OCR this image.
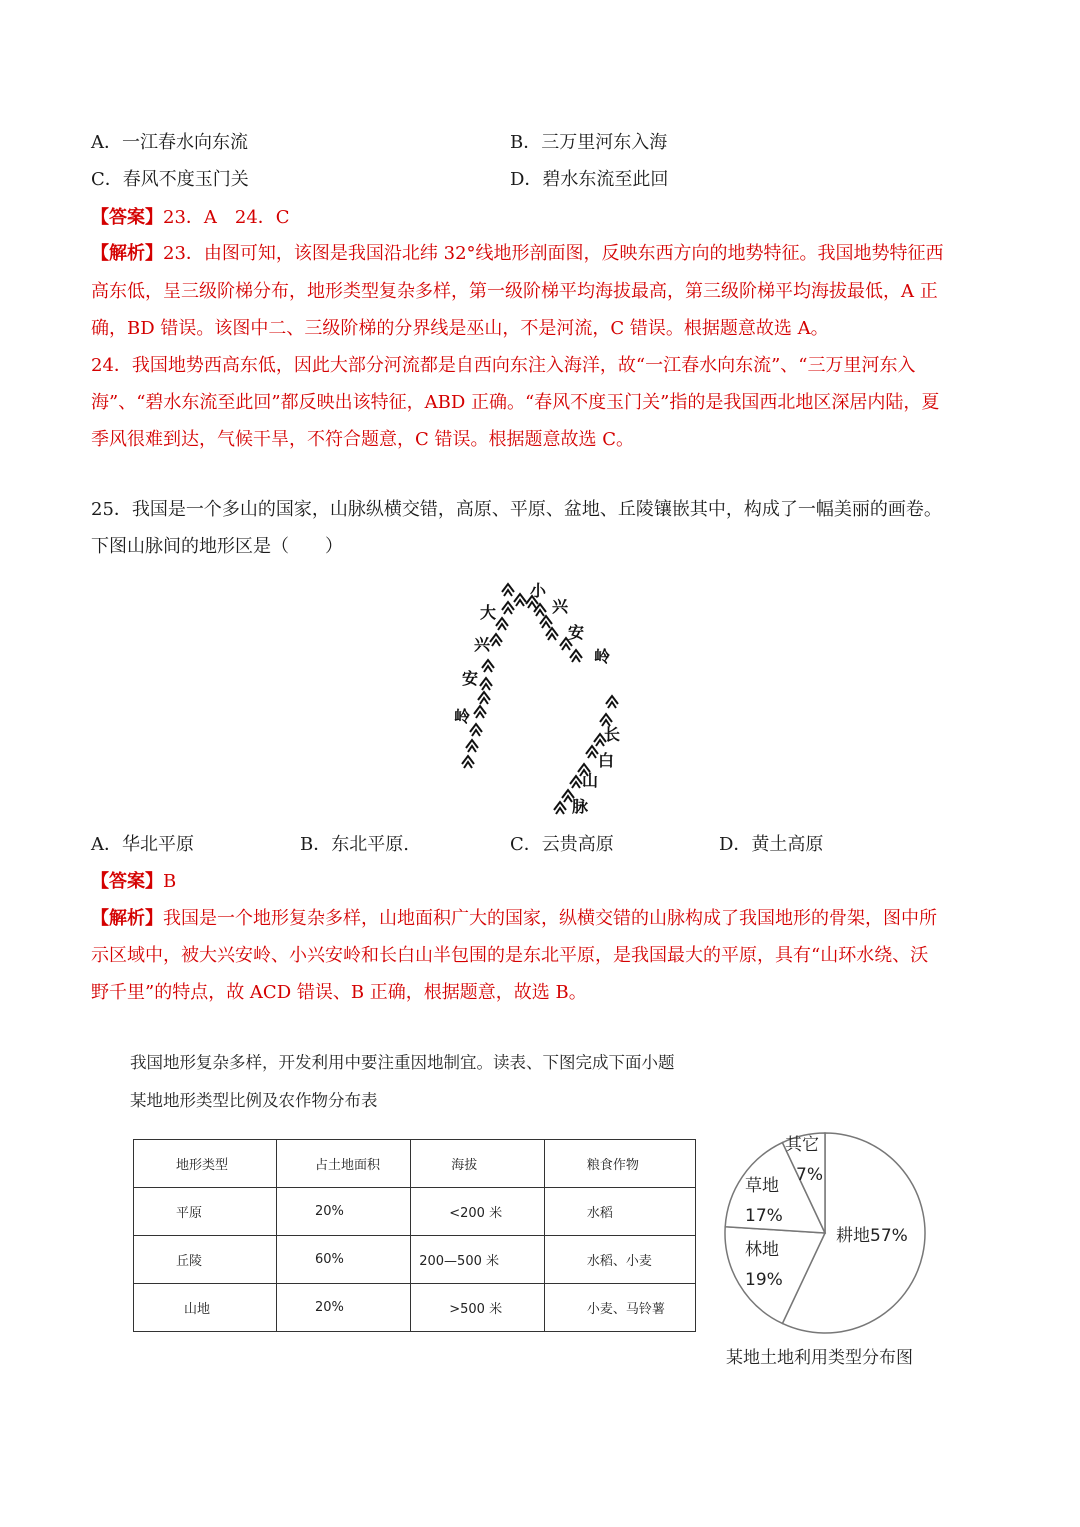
A．一江春水向东流	B．三万里河东入海
C．春风不度玉门关	D．碧水东流至此回
【答案】23．A　24．C
【解析】23．由图可知，该图是我国沿北纬 32°线地形剖面图，反映东西方向的地势特征。我国地势特征西
高东低，呈三级阶梯分布，地形类型复杂多样，第一级阶梯平均海拔最高，第三级阶梯平均海拔最低，A 正
确，BD 错误。该图中二、三级阶梯的分界线是巫山，不是河流，C 错误。根据题意故选 A。
24．我国地势西高东低，因此大部分河流都是自西向东注入海洋，故“一江春水向东流”、“三万里河东入
海”、“碧水东流至此回”都反映出该特征，ABD 正确。“春风不度玉门关”指的是我国西北地区深居内陆，夏
季风很难到达，气候干旱，不符合题意，C 错误。根据题意故选 C。
25．我国是一个多山的国家，山脉纵横交错，高原、平原、盆地、丘陵镶嵌其中，构成了一幅美丽的画卷。
下图山脉间的地形区是（　　）
大
兴
安
岭
小
兴
安
岭
长
白
山
脉
A．华北平原	B．东北平原.	C．云贵高原	D．黄土高原
【答案】B
【解析】我国是一个地形复杂多样，山地面积广大的国家，纵横交错的山脉构成了我国地形的骨架，图中所
示区域中，被大兴安岭、小兴安岭和长白山半包围的是东北平原，是我国最大的平原，具有“山环水绕、沃
野千里”的特点，故 ACD 错误、B 正确，根据题意，故选 B。
我国地形复杂多样，开发利用中要注重因地制宜。读表、下图完成下面小题
某地地形类型比例及农作物分布表
地形类型	占土地面积	海拔	粮食作物
平原	20%	<200 米	水稻
丘陵	60%	200—500 米	水稻、小麦
山地	20%	>500 米	小麦、马铃薯
其它
7%
草地
17%
林地
19%
耕地57%
某地土地利用类型分布图
